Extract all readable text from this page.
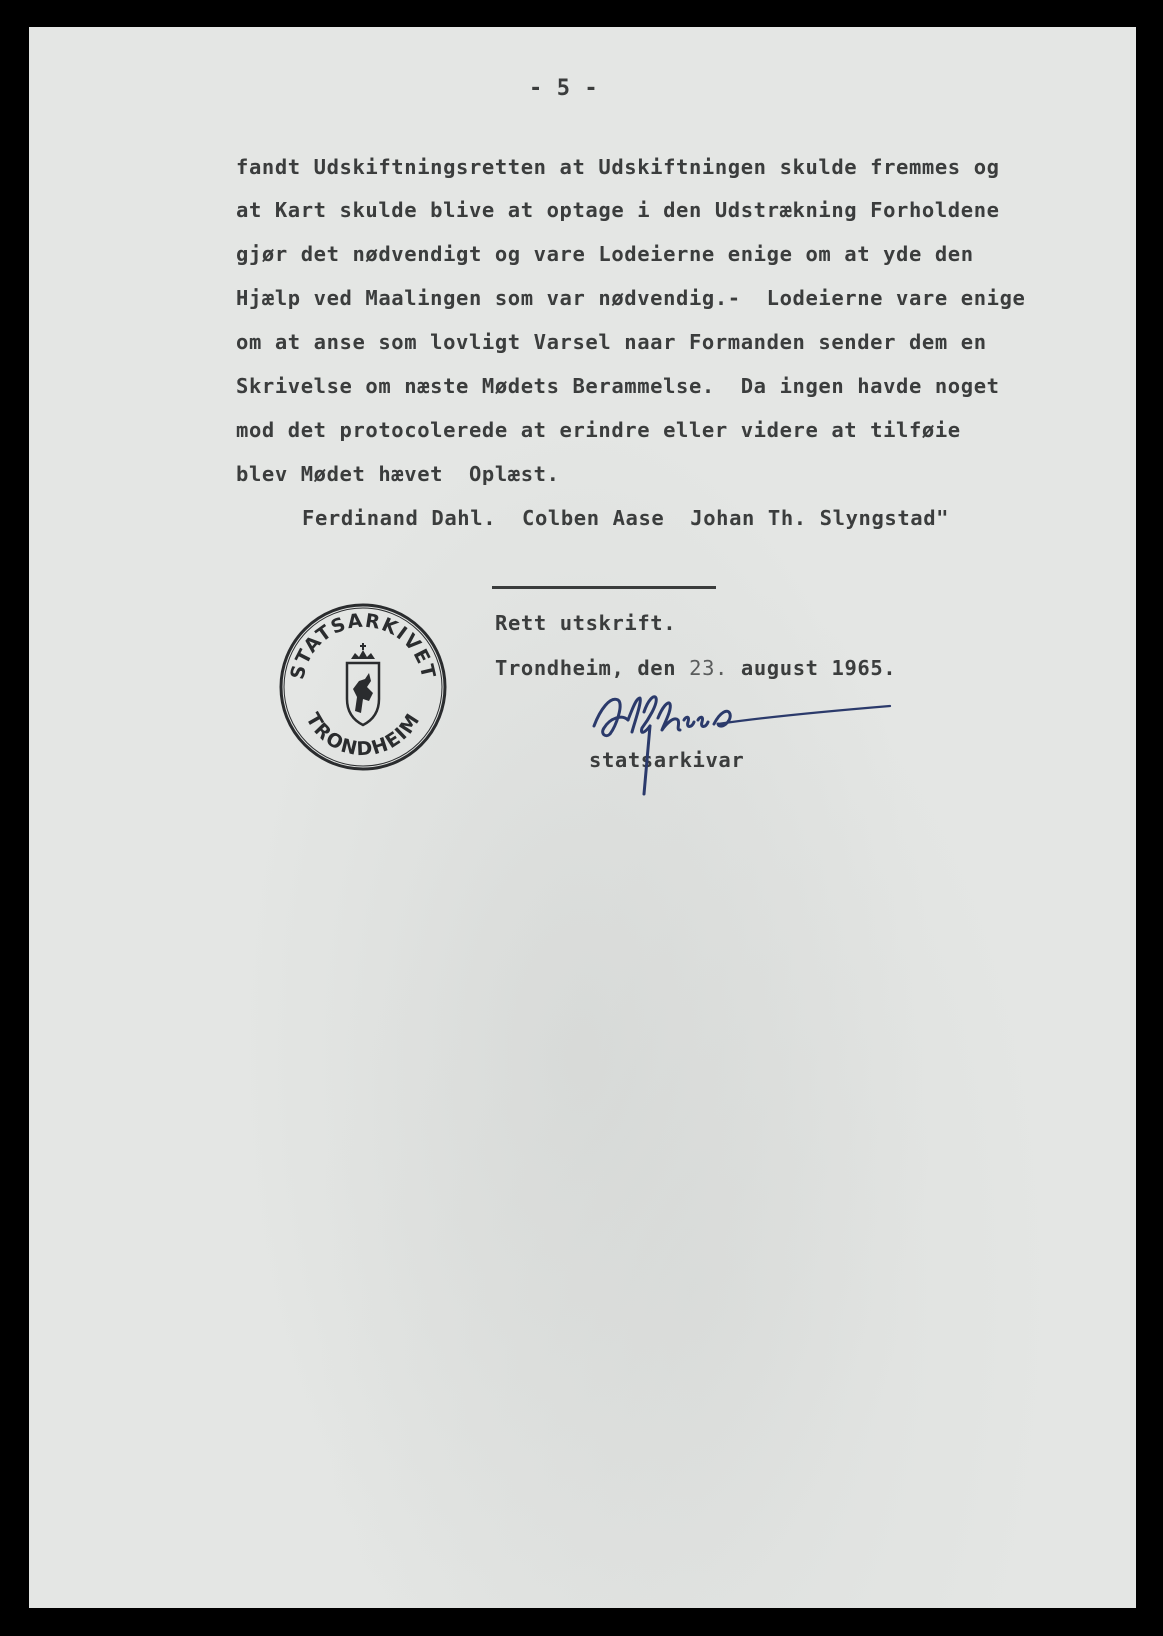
- 5 -

fandt Udskiftningsretten at Udskiftningen skulde fremmes og

at Kart skulde blive at optage i den Udstrækning Forholdene

gjør det nødvendigt og vare Lodeierne enige om at yde den

Hjælp ved Maalingen som var nødvendig.-  Lodeierne vare enige

om at anse som lovligt Varsel naar Formanden sender dem en

Skrivelse om næste Mødets Berammelse.  Da ingen havde noget

mod det protocolerede at erindre eller videre at tilføie

blev Mødet hævet  Oplæst.

Ferdinand Dahl.  Colben Aase  Johan Th. Slyngstad"

STATSARKIVET
TRONDHEIM

Rett utskrift.

Trondheim, den 23. august 1965.

statsarkivar
